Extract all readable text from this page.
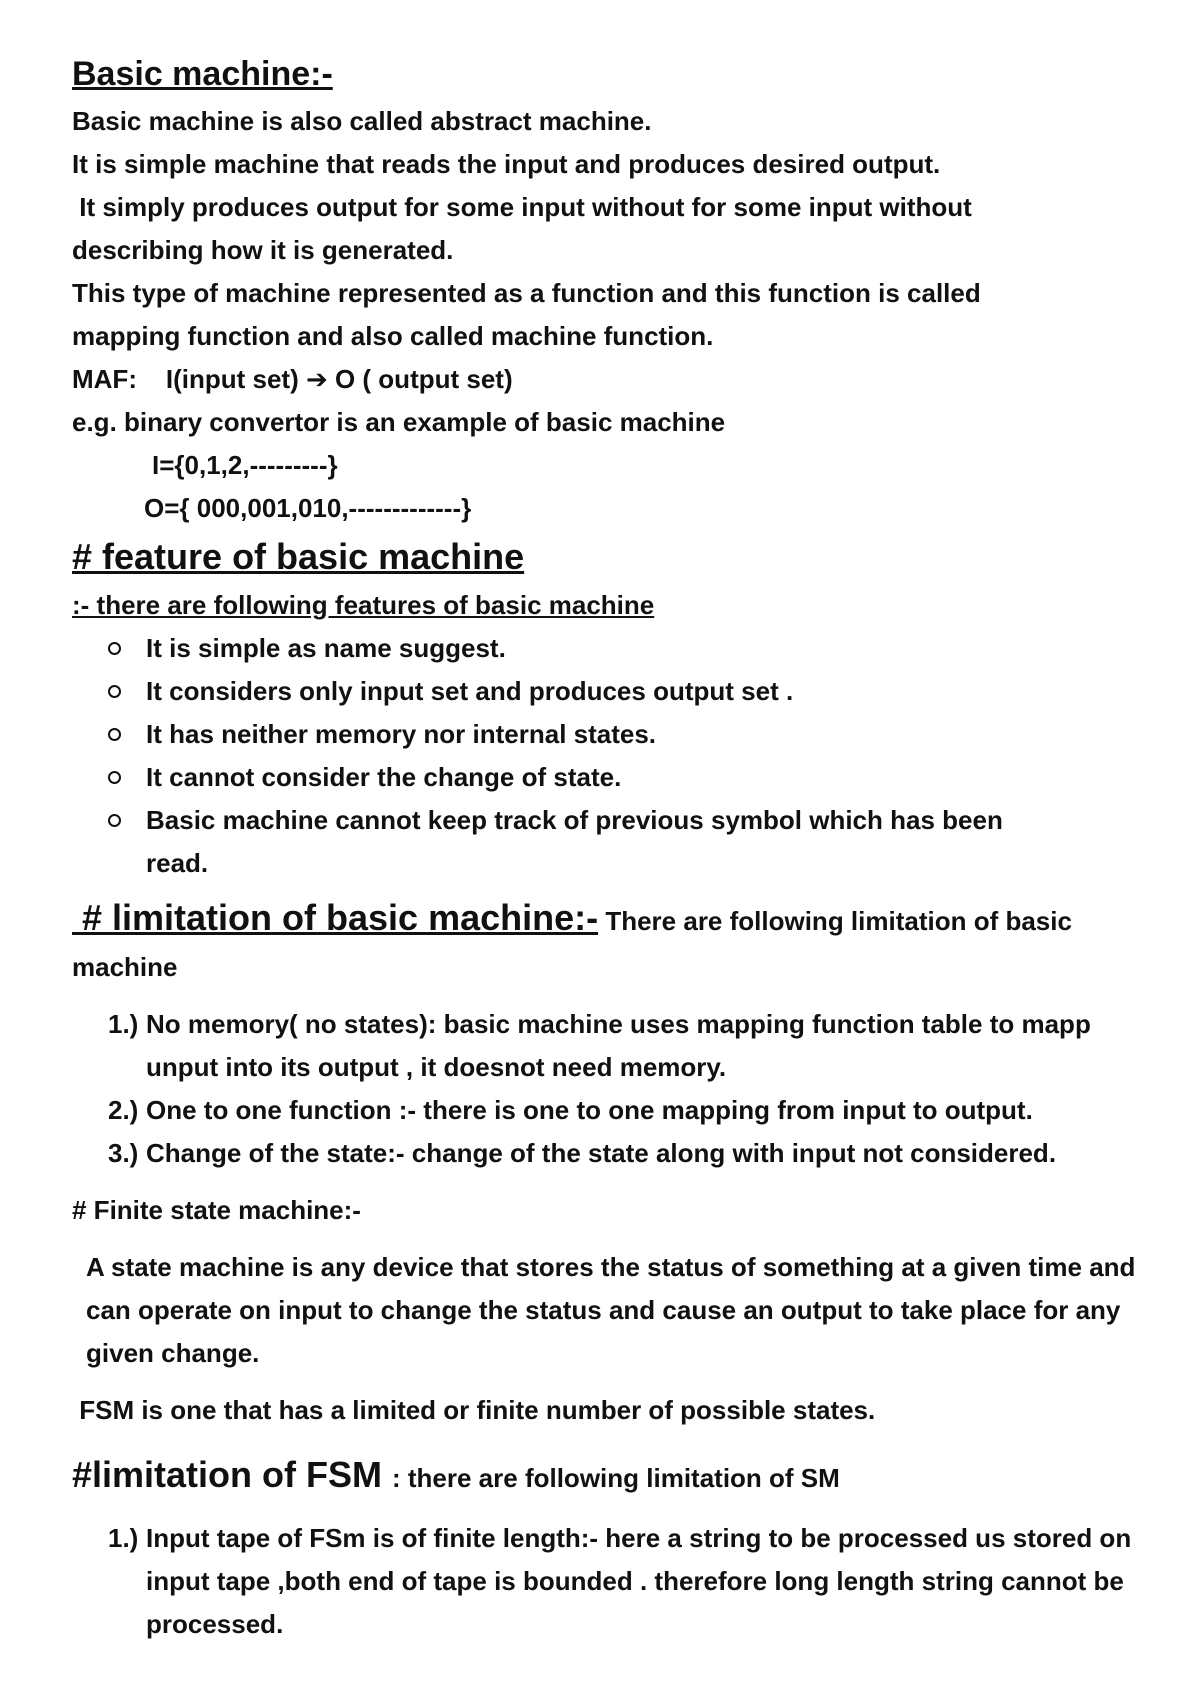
Basic machine:-
Basic machine is also called abstract machine.
It is simple machine that reads the input and produces desired output.
It simply produces output for some input without for some input without
describing how it is generated.
This type of machine represented as a function and this function is called
mapping function and also called machine function.
MAF:    I(input set) ➔ O ( output set)
e.g. binary convertor is an example of basic machine
I={0,1,2,---------}
O={ 000,001,010,-------------}
# feature of basic machine
:- there are following features of basic machine
It is simple as name suggest.
It considers only input set and produces output set .
It has neither memory nor internal states.
It cannot consider the change of state.
Basic machine cannot keep track of previous symbol which has been read.
# limitation of basic machine:- There are following limitation of basic
machine
1.) No memory( no states): basic machine uses mapping function table to mapp unput into its output , it doesnot need memory.
2.) One to one function :- there is one to one mapping from input to output.
3.) Change of the state:- change of the state along with input not considered.
# Finite state machine:-
A state machine is any device that stores the status of something at a given time and can operate on input to change the status and cause an output to take place for any given change.
FSM is one that has a limited or finite number of possible states.
#limitation of FSM : there are following limitation of SM
1.) Input tape of FSm is of finite length:- here a string to be processed us stored on input tape ,both end of tape is bounded . therefore long length string cannot be processed.
